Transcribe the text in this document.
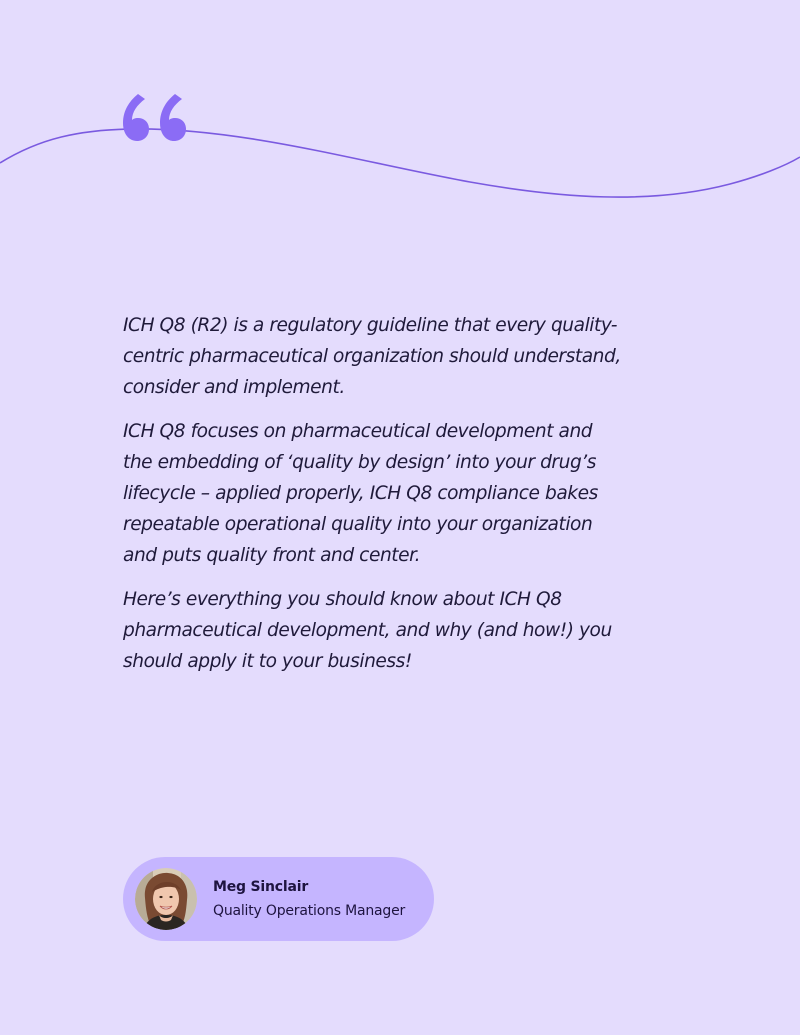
ICH Q8 (R2) is a regulatory guideline that every quality-centric pharmaceutical organization should understand, consider and implement.

ICH Q8 focuses on pharmaceutical development and the embedding of ‘quality by design’ into your drug’s lifecycle – applied properly, ICH Q8 compliance bakes repeatable operational quality into your organization and puts quality front and center.

Here’s everything you should know about ICH Q8 pharmaceutical development, and why (and how!) you should apply it to your business!

Meg Sinclair
Quality Operations Manager
